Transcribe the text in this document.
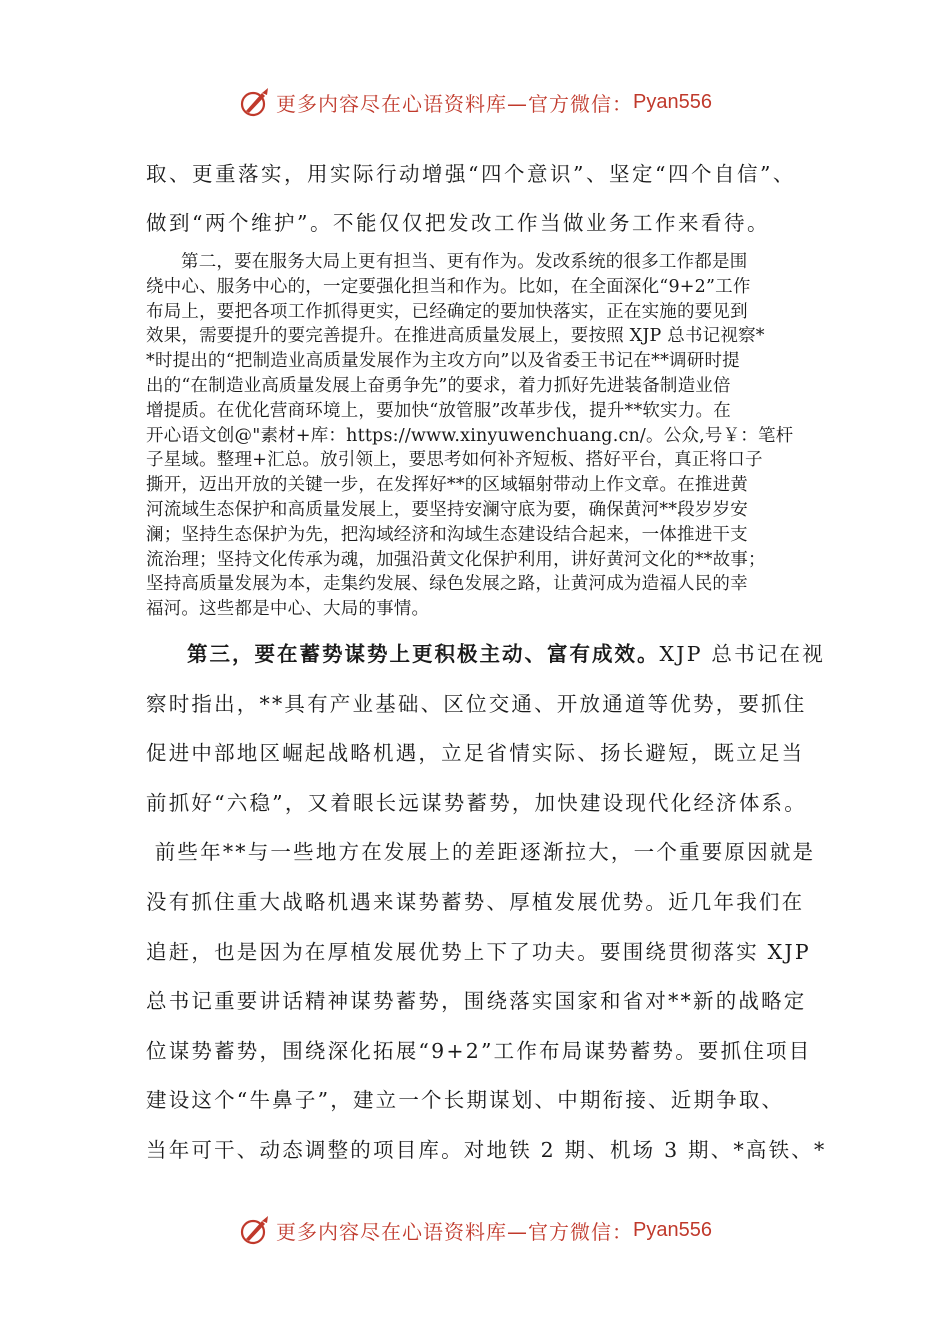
更多内容尽在心语资料库—官方微信： Pyan556

取、更重落实，用实际行动增强“四个意识”、坚定“四个自信”、
做到“两个维护”。不能仅仅把发改工作当做业务工作来看待。

第二，要在服务大局上更有担当、更有作为。发改系统的很多工作都是围
绕中心、服务中心的，一定要强化担当和作为。比如，在全面深化“9+2”工作
布局上，要把各项工作抓得更实，已经确定的要加快落实，正在实施的要见到
效果，需要提升的要完善提升。在推进高质量发展上，要按照 XJP 总书记视察*
*时提出的“把制造业高质量发展作为主攻方向”以及省委王书记在**调研时提
出的“在制造业高质量发展上奋勇争先”的要求，着力抓好先进装备制造业倍
增提质。在优化营商环境上，要加快“放管服”改革步伐，提升**软实力。在
开心语文创@"素材+库：https://www.xinyuwenchuang.cn/。公众,号￥：笔杆
子星域。整理+汇总。放引领上，要思考如何补齐短板、搭好平台，真正将口子
撕开，迈出开放的关键一步，在发挥好**的区域辐射带动上作文章。在推进黄
河流域生态保护和高质量发展上，要坚持安澜守底为要，确保黄河**段岁岁安
澜；坚持生态保护为先，把沟域经济和沟域生态建设结合起来，一体推进干支
流治理；坚持文化传承为魂，加强沿黄文化保护利用，讲好黄河文化的**故事；
坚持高质量发展为本，走集约发展、绿色发展之路，让黄河成为造福人民的幸
福河。这些都是中心、大局的事情。

第三，要在蓄势谋势上更积极主动、富有成效。XJP 总书记在视
察时指出，**具有产业基础、区位交通、开放通道等优势，要抓住
促进中部地区崛起战略机遇，立足省情实际、扬长避短，既立足当
前抓好“六稳”，又着眼长远谋势蓄势，加快建设现代化经济体系。
前些年**与一些地方在发展上的差距逐渐拉大，一个重要原因就是
没有抓住重大战略机遇来谋势蓄势、厚植发展优势。近几年我们在
追赶，也是因为在厚植发展优势上下了功夫。要围绕贯彻落实 XJP
总书记重要讲话精神谋势蓄势，围绕落实国家和省对**新的战略定
位谋势蓄势，围绕深化拓展“9+2”工作布局谋势蓄势。要抓住项目
建设这个“牛鼻子”，建立一个长期谋划、中期衔接、近期争取、
当年可干、动态调整的项目库。对地铁 2 期、机场 3 期、*高铁、*

更多内容尽在心语资料库—官方微信： Pyan556
